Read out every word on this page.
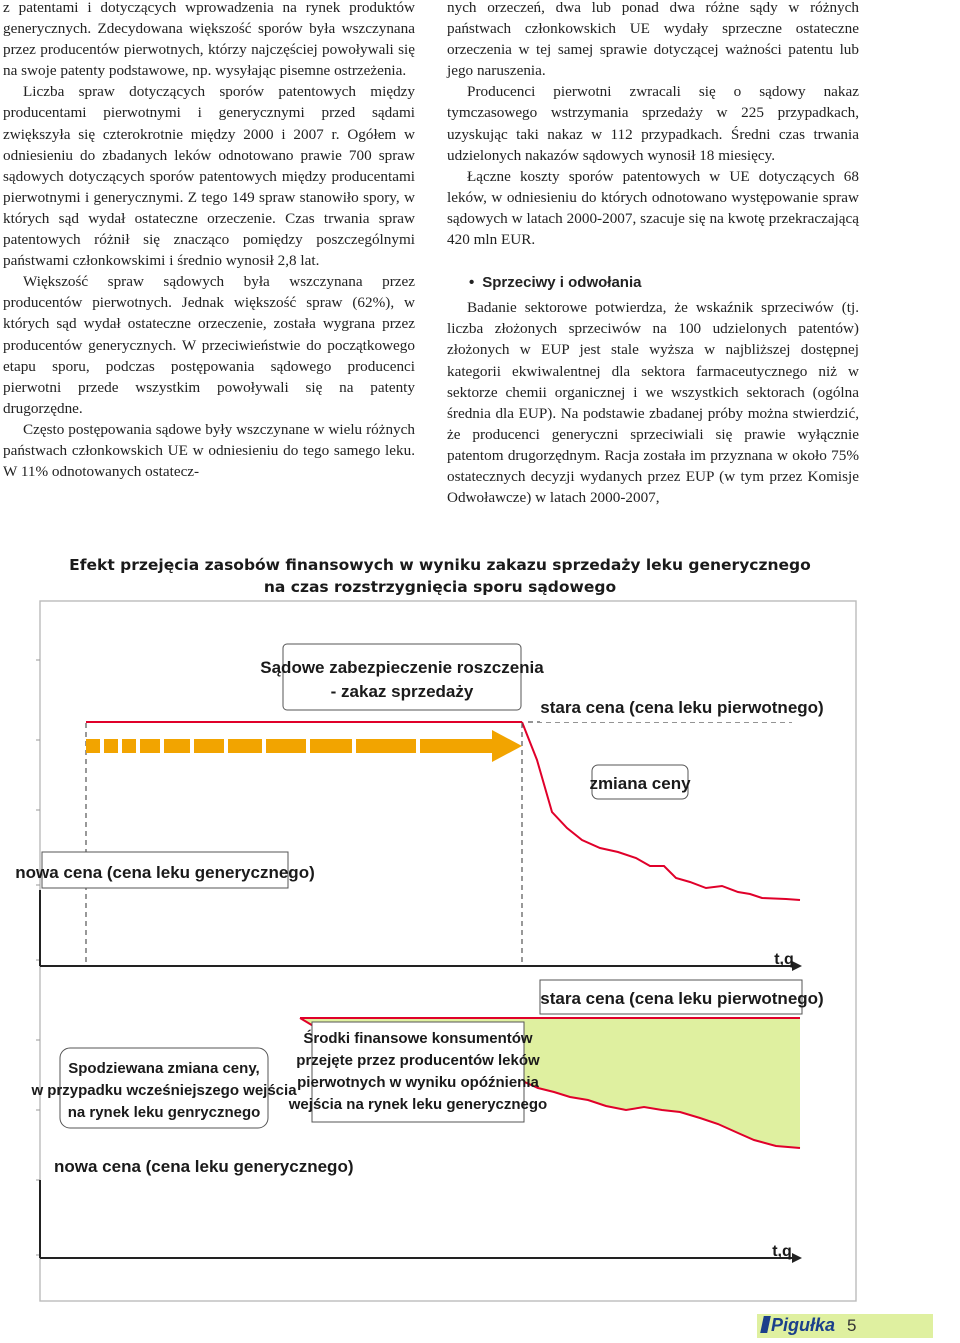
z patentami i dotyczących wprowadzenia na rynek produktów generycznych. Zdecydowana większość sporów była wszczynana przez producentów pierwotnych, którzy najczęściej powoływali się na swoje patenty podstawowe, np. wysyłając pisemne ostrzeżenia.

Liczba spraw dotyczących sporów patentowych między producentami pierwotnymi i generycznymi przed sądami zwiększyła się czterokrotnie między 2000 i 2007 r. Ogółem w odniesieniu do zbadanych leków odnotowano prawie 700 spraw sądowych dotyczących sporów patentowych między producentami pierwotnymi i generycznymi. Z tego 149 spraw stanowiło spory, w których sąd wydał ostateczne orzeczenie. Czas trwania spraw patentowych różnił się znacząco pomiędzy poszczególnymi państwami członkowskimi i średnio wynosił 2,8 lat.

Większość spraw sądowych była wszczynana przez producentów pierwotnych. Jednak większość spraw (62%), w których sąd wydał ostateczne orzeczenie, została wygrana przez producentów generycznych. W przeciwieństwie do początkowego etapu sporu, podczas postępowania sądowego producenci pierwotni przede wszystkim powoływali się na patenty drugorzędne.

Często postępowania sądowe były wszczynane w wielu różnych państwach członkowskich UE w odniesieniu do tego samego leku. W 11% odnotowanych ostatecz-

nych orzeczeń, dwa lub ponad dwa różne sądy w różnych państwach członkowskich UE wydały sprzeczne ostateczne orzeczenia w tej samej sprawie dotyczącej ważności patentu lub jego naruszenia.

Producenci pierwotni zwracali się o sądowy nakaz tymczasowego wstrzymania sprzedaży w 225 przypadkach, uzyskując taki nakaz w 112 przypadkach. Średni czas trwania udzielonych nakazów sądowych wynosił 18 miesięcy.

Łączne koszty sporów patentowych w UE dotyczących 68 leków, w odniesieniu do których odnotowano występowanie spraw sądowych w latach 2000-2007, szacuje się na kwotę przekraczającą 420 mln EUR.

• Sprzeciwy i odwołania

Badanie sektorowe potwierdza, że wskaźnik sprzeciwów (tj. liczba złożonych sprzeciwów na 100 udzielonych patentów) złożonych w EUP jest stale wyższa w najbliższej dostępnej kategorii ekwiwalentnej dla sektora farmaceutycznego niż w sektorze chemii organicznej i we wszystkich sektorach (ogólna średnia dla EUP). Na podstawie zbadanej próby można stwierdzić, że producenci generyczni sprzeciwiali się prawie wyłącznie patentom drugorzędnym. Racja została im przyznana w około 75% ostatecznych decyzji wydanych przez EUP (w tym przez Komisje Odwoławcze) w latach 2000-2007,

Efekt przejęcia zasobów finansowych w wyniku zakazu sprzedaży leku generycznego
na czas rozstrzygnięcia sporu sądowego
Sądowe zabezpieczenie roszczenia
- zakaz sprzedaży
stara cena (cena leku pierwotnego)
zmiana ceny
nowa cena (cena leku generycznego)
t,q
stara cena (cena leku pierwotnego)
Środki finansowe konsumentów
przejęte przez producentów leków
pierwotnych w wyniku opóźnienia
wejścia na rynek leku generycznego
Spodziewana zmiana ceny,
w przypadku wcześniejszego wejścia
na rynek leku genrycznego
nowa cena (cena leku generycznego)
t,q
Pigułka 5
